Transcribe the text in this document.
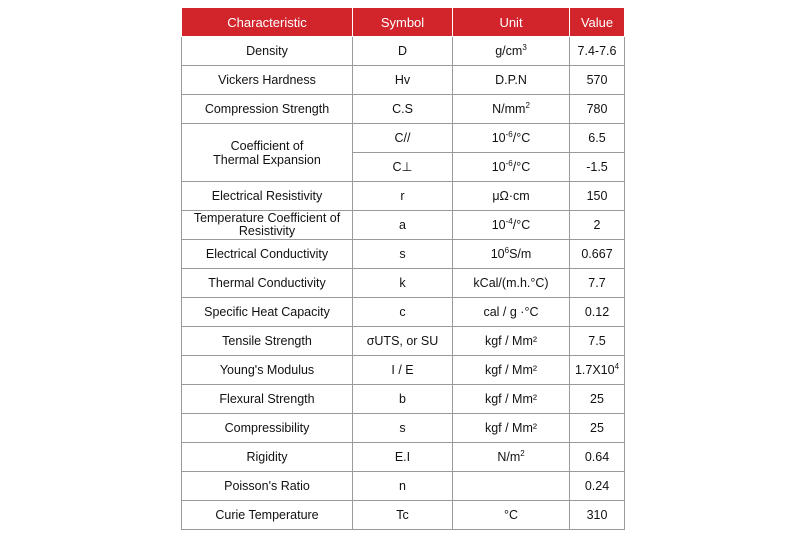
Characteristic	Symbol	Unit	Value
Density	D	$g/cm^3$	7.4-7.6
Vickers Hardness	Hv	D.P.N	570
Compression Strength	C.S	$N/mm^2$	780
Coefficient of Thermal Expansion	C//	$10^{-6}/^\circ C$	6.5
	C⊥	$10^{-6}/^\circ C$	-1.5
Electrical Resistivity	r	μΩ·cm	150
Temperature Coefficient of Resistivity	a	$10^{-4}/^\circ C$	2
Electrical Conductivity	s	$10^6S/m$	0.667
Thermal Conductivity	k	kCal/(m.h.°C)	7.7
Specific Heat Capacity	c	cal / g ·°C	0.12
Tensile Strength	σUTS, or SU	kgf / Mm²	7.5
Young's Modulus	I / E	kgf / Mm²	$1.7X10^4$
Flexural Strength	b	kgf / Mm²	25
Compressibility	s	kgf / Mm²	25
Rigidity	E.I	$N/m^2$	0.64
Poisson's Ratio	n		0.24
Curie Temperature	Tc	°C	310
